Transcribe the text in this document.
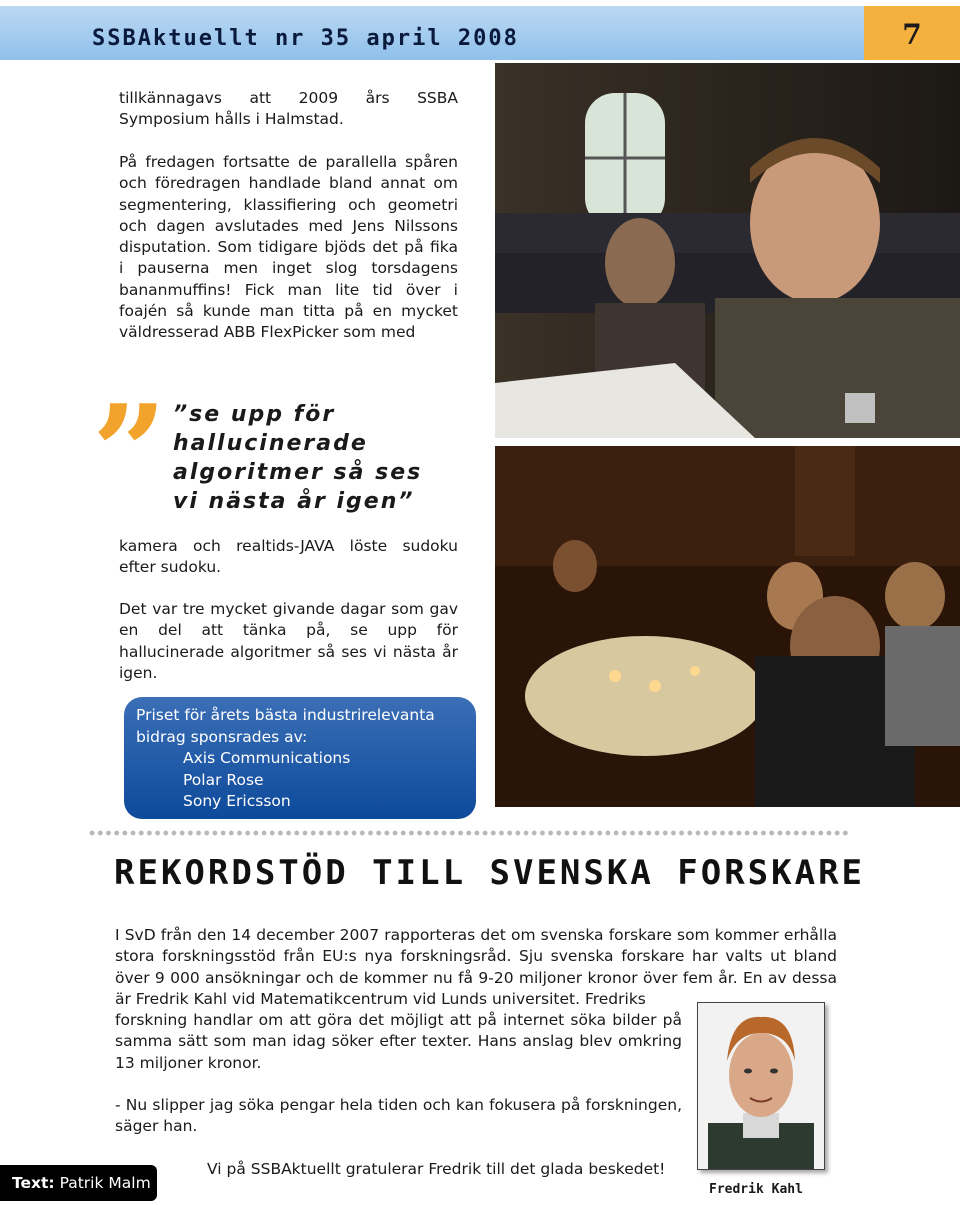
SSBAktuellt nr 35 april 2008	7

tillkännagavs att 2009 års SSBA Symposium hålls i Halmstad.

På fredagen fortsatte de parallella spåren och föredragen handlade bland annat om segmentering, klassifiering och geometri och dagen avslutades med Jens Nilssons disputation. Som tidigare bjöds det på fika i pauserna men inget slog torsdagens bananmuffins! Fick man lite tid över i foajén så kunde man titta på en mycket väldresserad ABB FlexPicker som med

” ”se upp för hallucinerade algoritmer så ses vi nästa år igen”

kamera och realtids-JAVA löste sudoku efter sudoku.

Det var tre mycket givande dagar som gav en del att tänka på, se upp för hallucinerade algoritmer så ses vi nästa år igen.

Priset för årets bästa industrirelevanta bidrag sponsrades av:
Axis Communications
Polar Rose
Sony Ericsson
REKORDSTÖD TILL SVENSKA FORSKARE

I SvD från den 14 december 2007 rapporteras det om svenska forskare som kommer erhålla stora forskningsstöd från EU:s nya forskningsråd. Sju svenska forskare har valts ut bland över 9 000 ansökningar och de kommer nu få 9-20 miljoner kronor över fem år. En av dessa är Fredrik Kahl vid Matematikcentrum vid Lunds universitet. Fredriks

forskning handlar om att göra det möjligt att på internet söka bilder på samma sätt som man idag söker efter texter. Hans anslag blev omkring 13 miljoner kronor.

- Nu slipper jag söka pengar hela tiden och kan fokusera på forskningen, säger han.

Fredrik Kahl
Text: Patrik Malm
Vi på SSBAktuellt gratulerar Fredrik till det glada beskedet!
